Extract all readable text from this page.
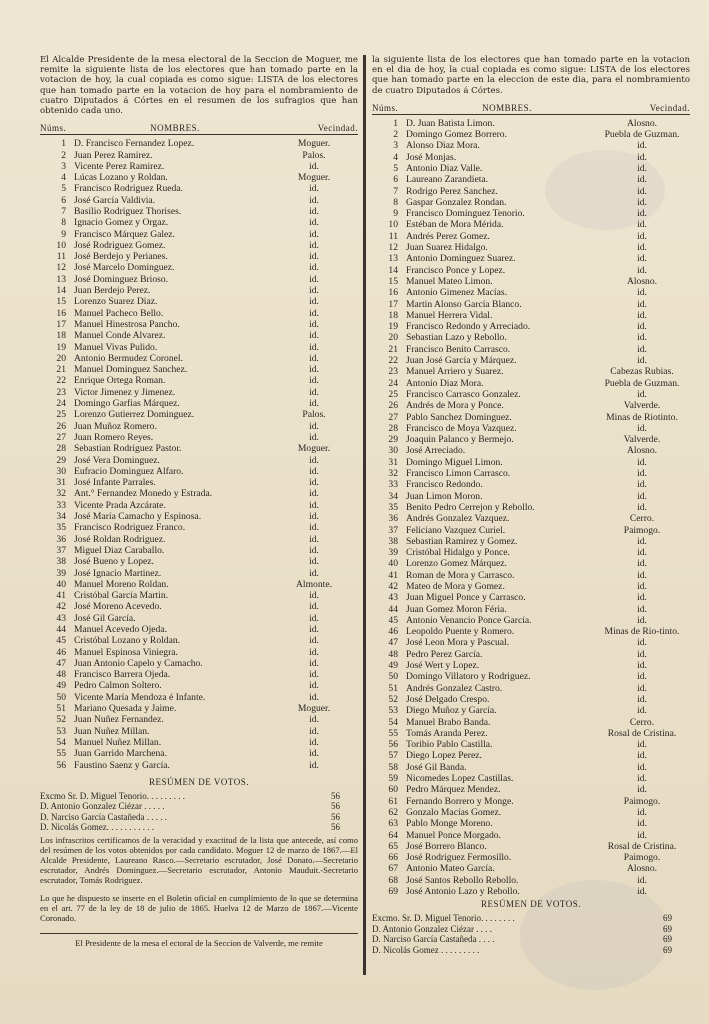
El Alcalde Presidente de la mesa electoral de la Seccion de Moguer, me remite la siguiente lista de los electores que han tomado parte en la votacion de hoy, la cual copiada es como sigue: LISTA de los electores que han tomado parte en la votacion de hoy para el nombramiento de cuatro Diputados á Córtes en el resumen de los sufragios que han obtenido cada uno.

Núms.	NOMBRES.	Vecindad.
1 D. Francisco Fernandez Lopez.	Moguer.
2 Juan Perez Ramirez.	Palos.
3 Vicente Perez Ramirez.	id.
4 Lúcas Lozano y Roldan.	Moguer.
5 Francisco Rodriguez Rueda.	id.
6 José García Valdivia.	id.
7 Basilio Rodriguez Thorises.	id.
8 Ignacio Gomez y Orgaz.	id.
9 Francisco Márquez Galez.	id.
10 José Rodriguez Gomez.	id.
11 José Berdejo y Perianes.	id.
12 José Marcelo Dominguez.	id.
13 José Dominguez Brioso.	id.
14 Juan Berdejo Perez.	id.
15 Lorenzo Suarez Diaz.	id.
16 Manuel Pacheco Bello.	id.
17 Manuel Hinestrosa Pancho.	id.
18 Manuel Conde Alvarez.	id.
19 Manuel Vivas Pulido.	id.
20 Antonio Bermudez Coronel.	id.
21 Manuel Dominguez Sanchez.	id.
22 Enrique Ortega Roman.	id.
23 Victor Jimenez y Jimenez.	id.
24 Domingo Garfias Márquez.	id.
25 Lorenzo Gutierrez Dominguez.	Palos.
26 Juan Muñoz Romero.	id.
27 Juan Romero Reyes.	id.
28 Sebastian Rodriguez Pastor.	Moguer.
29 José Vera Dominguez.	id.
30 Eufracio Dominguez Alfaro.	id.
31 José Infante Parrales.	id.
32 Ant.° Fernandez Monedo y Estrada.	id.
33 Vicente Prada Azcárate.	id.
34 José María Camacho y Espinosa.	id.
35 Francisco Rodriguez Franco.	id.
36 José Roldan Rodriguez.	id.
37 Miguel Diaz Caraballo.	id.
38 José Bueno y Lopez.	id.
39 José Ignacio Martinez.	id.
40 Manuel Moreno Roldan.	Almonte.
41 Cristóbal García Martin.	id.
42 José Moreno Acevedo.	id.
43 José Gil García.	id.
44 Manuel Acevedo Ojeda.	id.
45 Cristóbal Lozano y Roldan.	id.
46 Manuel Espinosa Viniegra.	id.
47 Juan Antonio Capelo y Camacho.	id.
48 Francisco Barrera Ojeda.	id.
49 Pedro Calmon Soltero.	id.
50 Vicente María Mendoza é Infante.	id.
51 Mariano Quesada y Jaime.	Moguer.
52 Juan Nuñez Fernandez.	id.
53 Juan Nuñez Millan.	id.
54 Manuel Nuñez Millan.	id.
55 Juan Garrido Marchena.	id.
56 Faustino Saenz y García.	id.
RESÚMEN DE VOTOS.
Excmo Sr. D. Miguel Tenorio. . . . . . . . .	56
D. Antonio Gonzalez Ciézar . . . . .	56
D. Narciso García Castañeda . . . . .	56
D. Nicolás Gomez. . . . . . . . . . .	56

Los infrascritos certificamos de la veracidad y exactitud de la lista que antecede, así como del resúmen de los votos obtenidos por cada candidato. Moguer 12 de marzo de 1867.—El Alcalde Presidente, Laureano Rasco.—Secretario escrutador, José Donato.—Secretario escrutador, Andrés Dominguez.—Secretario escrutador, Antonio Mauduit.-Secretario escrutador, Tomás Rodriguez.

Lo que he dispuesto se inserte en el Boletin oficial en cumplimiento de lo que se determina en el art. 77 de la ley de 18 de julio de 1865. Huelva 12 de Marzo de 1867.—Vicente Coronado.

El Presidente de la mesa el ectoral de la Seccion de Valverde, me remite

la siguiente lista de los electores que han tomado parte en la votacion en el dia de hoy, la cual copiada es como sigue: LISTA de los electores que han tomado parte en la eleccion de este dia, para el nombramiento de cuatro Diputados á Córtes.

Núms.	NOMBRES.	Vecindad.
1 D. Juan Batista Limon.	Alosno.
2 Domingo Gomez Borrero.	Puebla de Guzman.
3 Alonso Diaz Mora.	id.
4 José Monjas.	id.
5 Antonio Diaz Valle.	id.
6 Laureano Zarandieta.	id.
7 Rodrigo Perez Sanchez.	id.
8 Gaspar Gonzalez Rondan.	id.
9 Francisco Dominguez Tenorio.	id.
10 Estéban de Mora Mérida.	id.
11 Andrés Perez Gomez.	id.
12 Juan Suarez Hidalgo.	id.
13 Antonio Dominguez Suarez.	id.
14 Francisco Ponce y Lopez.	id.
15 Manuel Mateo Limon.	Alosno.
16 Antonio Gimenez Macías.	id.
17 Martin Alonso García Blanco.	id.
18 Manuel Herrera Vidal.	id.
19 Francisco Redondo y Arreciado.	id.
20 Sebastian Lazo y Rebollo.	id.
21 Francisco Benito Carrasco.	id.
22 Juan José García y Márquez.	id.
23 Manuel Arriero y Suarez.	Cabezas Rubias.
24 Antonio Diaz Mora.	Puebla de Guzman.
25 Francisco Carrasco Gonzalez.	id.
26 Andrés de Mora y Ponce.	Valverde.
27 Pablo Sanchez Dominguez.	Minas de Riotinto.
28 Francisco de Moya Vazquez.	id.
29 Joaquin Palanco y Bermejo.	Valverde.
30 José Arreciado.	Alosno.
31 Domingo Miguel Limon.	id.
32 Francisco Limon Carrasco.	id.
33 Francisco Redondo.	id.
34 Juan Limon Moron.	id.
35 Benito Pedro Cerrejon y Rebollo.	id.
36 Andrés Gonzalez Vazquez.	Cerro.
37 Feliciano Vazquez Curiel.	Paimogo.
38 Sebastian Ramirez y Gomez.	id.
39 Cristóbal Hidalgo y Ponce.	id.
40 Lorenzo Gomez Márquez.	id.
41 Roman de Mora y Carrasco.	id.
42 Mateo de Mora y Gomez.	id.
43 Juan Miguel Ponce y Carrasco.	id.
44 Juan Gomez Moron Féria.	id.
45 Antonio Venancio Ponce García.	id.
46 Leopoldo Puente y Romero.	Minas de Rio-tinto.
47 José Leon Mora y Pascual.	id.
48 Pedro Perez García.	id.
49 José Wert y Lopez.	id.
50 Domingo Villatoro y Rodriguez.	id.
51 Andrés Gonzalez Castro.	id.
52 José Delgado Crespo.	id.
53 Diego Muñoz y García.	id.
54 Manuel Brabo Banda.	Cerro.
55 Tomás Aranda Perez.	Rosal de Cristina.
56 Toribio Pablo Castilla.	id.
57 Diego Lopez Perez.	id.
58 José Gil Banda.	id.
59 Nicomedes Lopez Castillas.	id.
60 Pedro Márquez Mendez.	id.
61 Fernando Borrero y Monge.	Paimogo.
62 Gonzalo Macías Gomez.	id.
63 Pablo Monge Moreno.	id.
64 Manuel Ponce Morgado.	id.
65 José Borrero Blanco.	Rosal de Cristina.
66 José Rodriguez Fermosillo.	Paimogo.
67 Antonio Mateo García.	Alosno.
68 José Santos Rebollo Rebollo.	id.
69 José Antonio Lazo y Rebollo.	id.
RESÚMEN DE VOTOS.
Excmo. Sr. D. Miguel Tenorio. . . . . . . .	69
D. Antonio Gonzalez Ciézar . . . .	69
D. Narciso García Castañeda . . . .	69
D. Nicolás Gomez . . . . . . . . .	69
